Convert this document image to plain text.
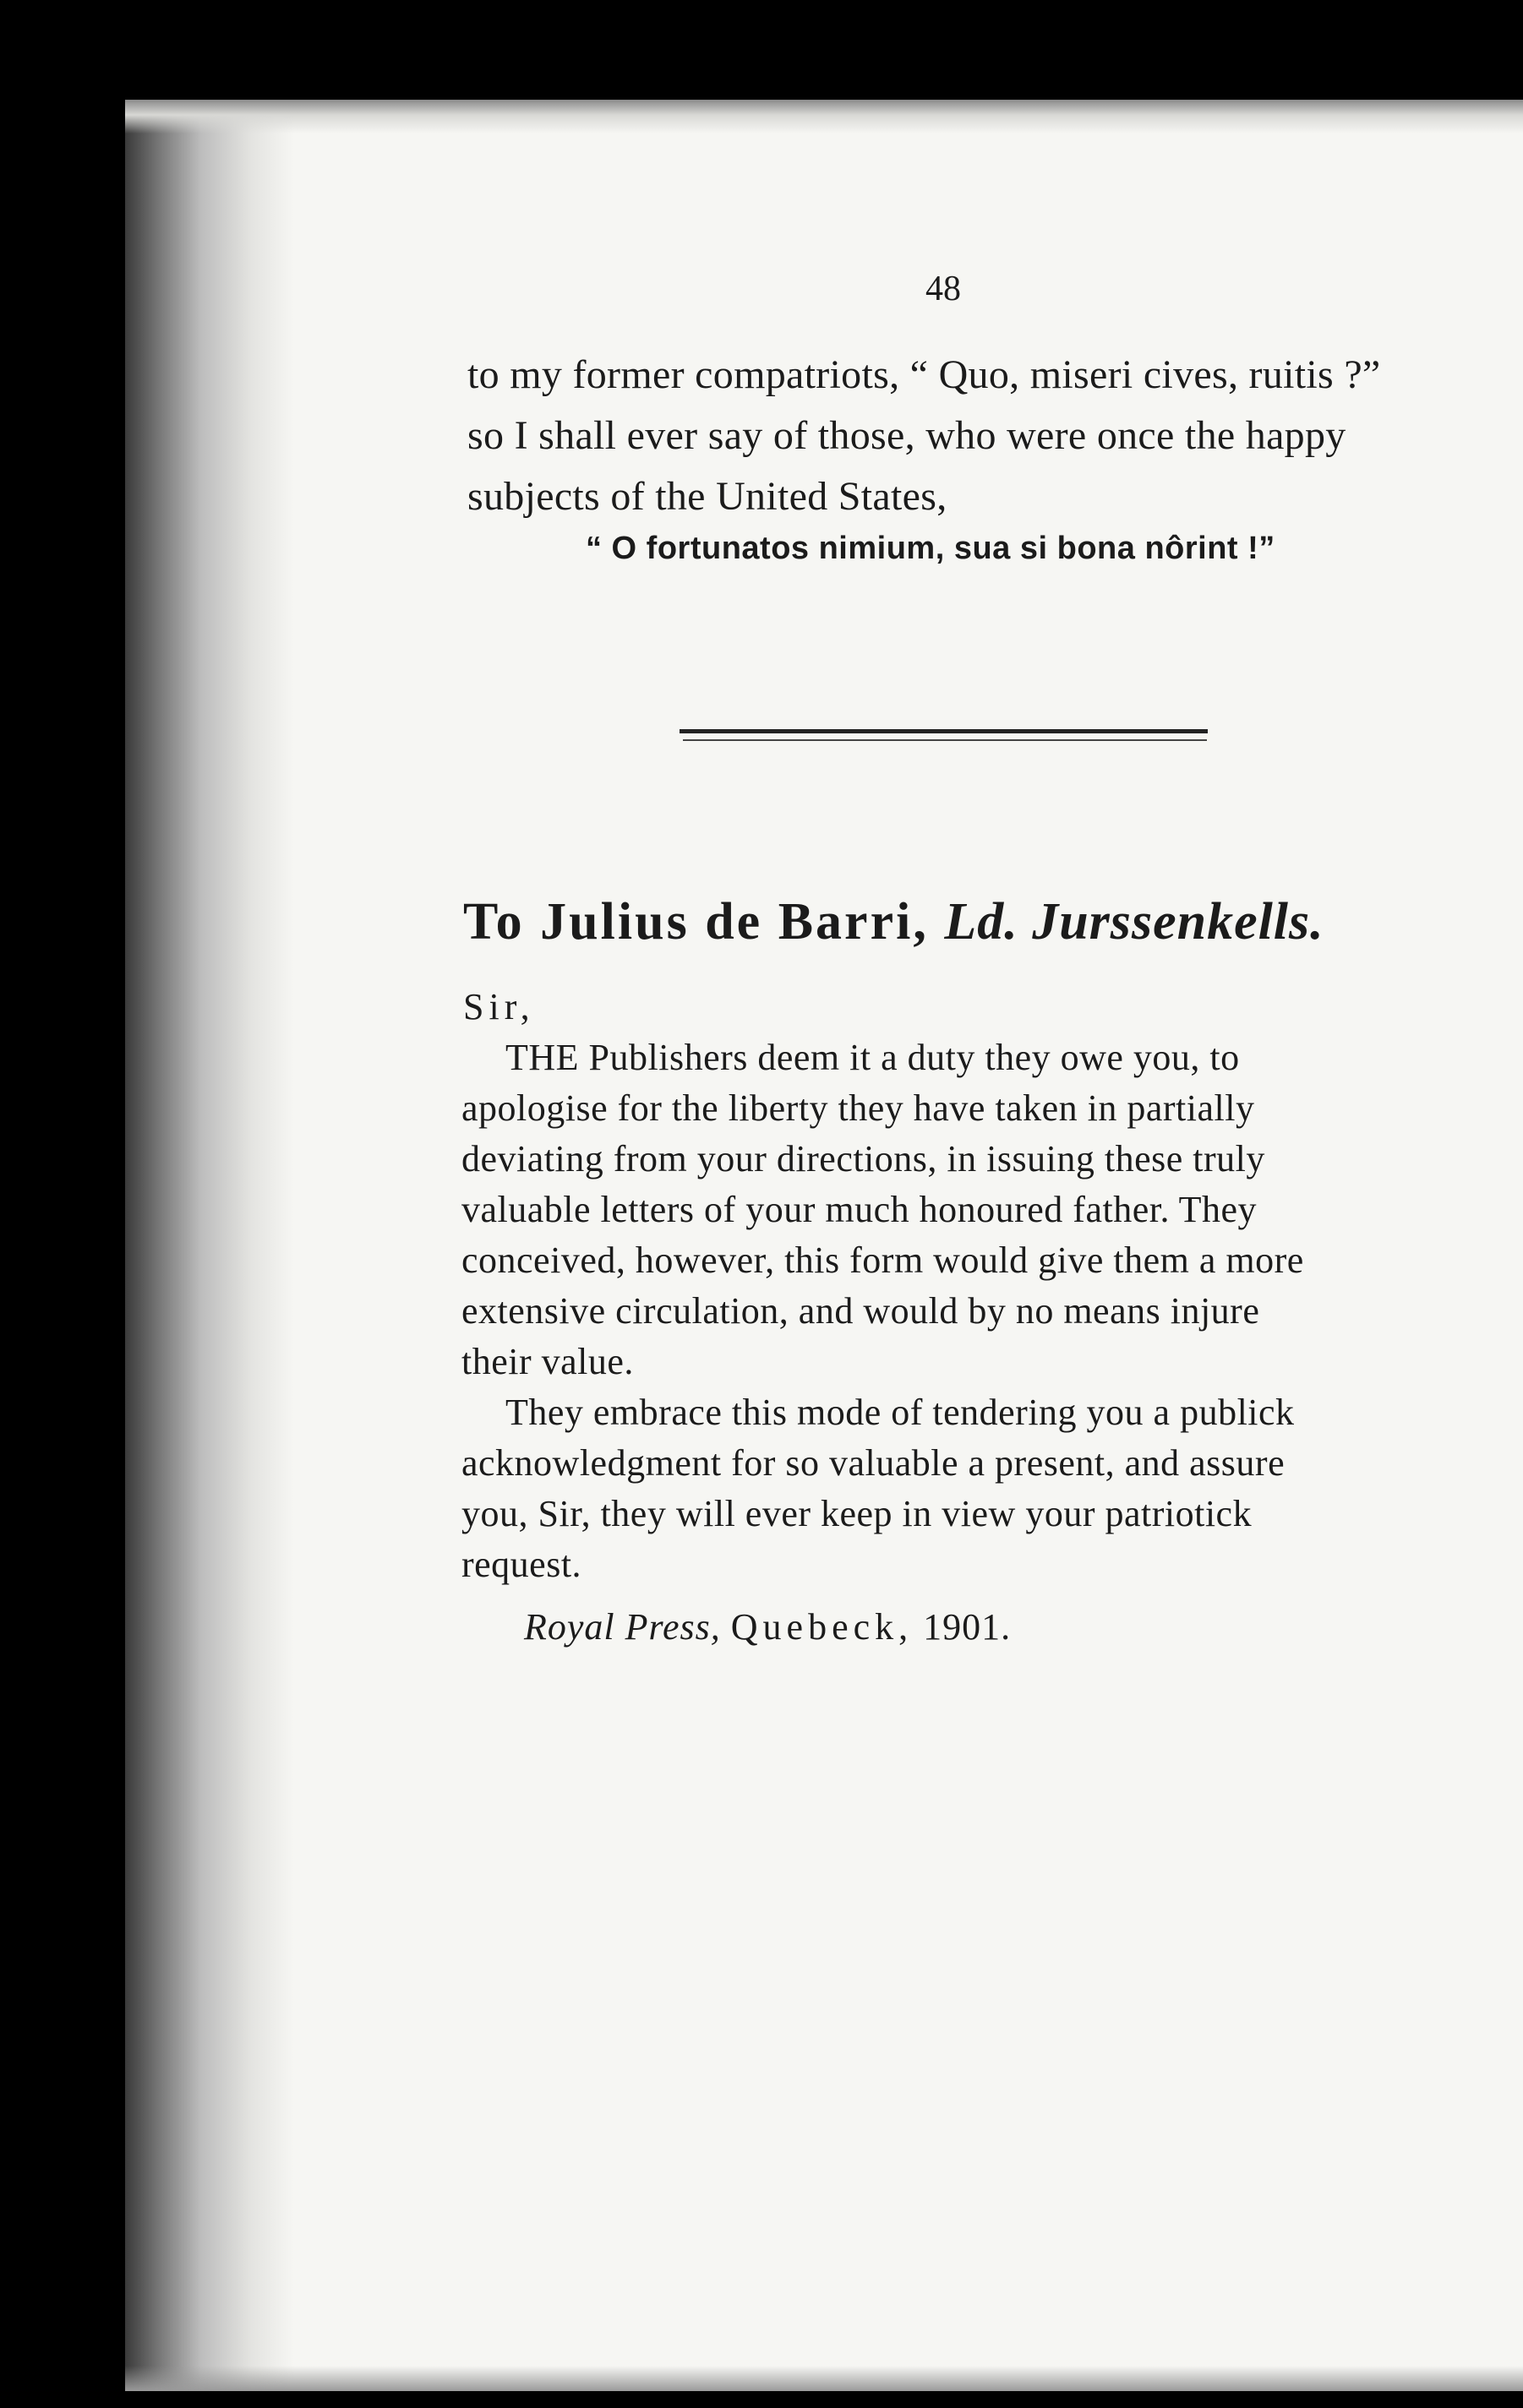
48
to my former compatriots, “ Quo, miseri cives, ruitis ?”
so I shall ever say of those, who were once the happy
subjects of the United States,
“ O fortunatos nimium, sua si bona nôrint !”
To Julius de Barri, Ld. Jurssenkells.
Sir,
THE Publishers deem it a duty they owe you, to
apologise for the liberty they have taken in partially
deviating from your directions, in issuing these truly
valuable letters of your much honoured father. They
conceived, however, this form would give them a more
extensive circulation, and would by no means injure
their value.
They embrace this mode of tendering you a publick
acknowledgment for so valuable a present, and assure
you, Sir, they will ever keep in view your patriotick
request.
Royal Press, Quebeck, 1901.
